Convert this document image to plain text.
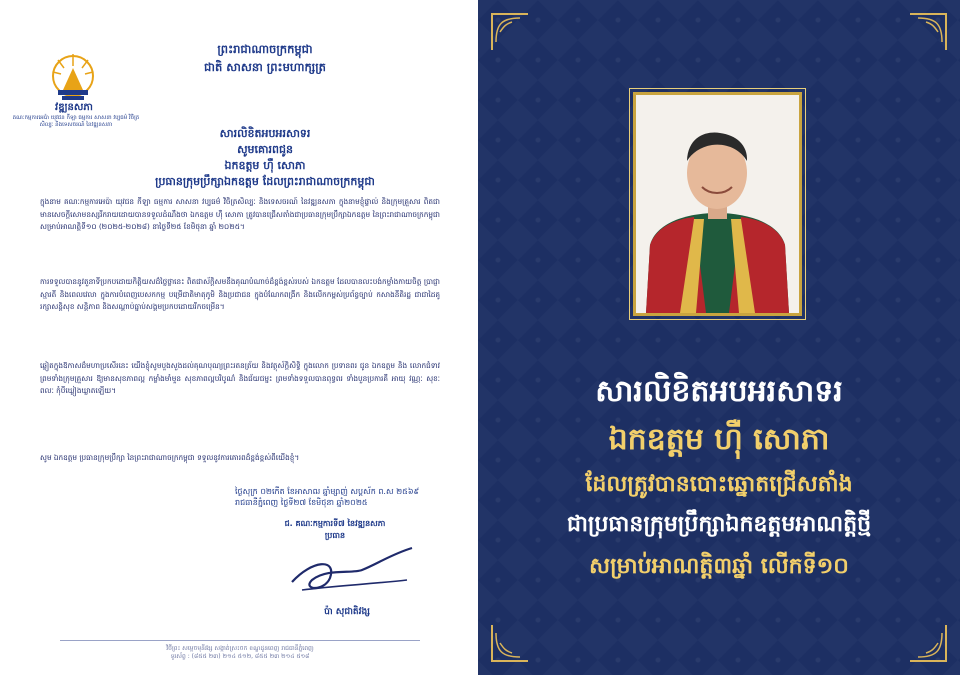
វឌ្ឍនសភា
គណៈកម្មការអេប៉ា យុវជន កីឡា ធម្មការ សាសនា វប្បធម៌ វិចិត្រសិល្បៈ និងទេសចរណ៍ នៃវឌ្ឍនសភា
ព្រះរាជាណាចក្រកម្ពុជា
ជាតិ សាសនា ព្រះមហាក្សត្រ
សារលិខិតអបអរសាទរ
សូមគោរពជូន
ឯកឧត្តម ហ៊ឺ សោភា
ប្រធានក្រុមប្រឹក្សាឯកឧត្តម ដែលព្រះរាជាណាចក្រកម្ពុជា
ក្នុងនាម គណៈកម្មការអេប៉ា យុវជន កីឡា ធម្មការ សាសនា វប្បធម៌ វិចិត្រសិល្បៈ និងទេសចរណ៍ នៃវឌ្ឍនសភា ក្នុងនាមខ្ញុំផ្ទាល់ និងក្រុមគ្រួសារ ពិតជាមានសេចក្តីសោមនស្សរីករាយដោយបានទទួលដំណឹងថា ឯកឧត្តម ហ៊ឺ សោភា ត្រូវបានជ្រើសតាំងជាប្រធានក្រុមប្រឹក្សាឯកឧត្តម នៃព្រះរាជាណាចក្រកម្ពុជា សម្រាប់អាណត្តិទី១០ (២០២៥-២០២៨) នាថ្ងៃទី២៥ ខែមិថុនា ឆ្នាំ ២០២៥។
ការទទួលបាននូវតួនាទីប្រកបដោយកិត្តិយសដ៏ថ្លៃថ្លានេះ ពិតជាស័ក្តិសមនឹងគុណបំណាច់ដ៏ខ្ពង់ខ្ពស់របស់ ឯកឧត្តម ដែលបានលះបង់កម្លាំងកាយចិត្ត ប្រាជ្ញាស្មារតី និងពេលវេលា ក្នុងការបំពេញបេសកកម្ម បម្រើជាតិមាតុភូមិ និងប្រជាជន ក្នុងបំណែកពង្រីក និងលើកកម្ពស់ប្រព័ន្ធច្បាប់ កសាងនីតិរដ្ឋ ជាជាដៃគូរក្សាសន្តិសុខ សន្តិភាព និងសណ្តាប់ធ្នាប់សង្គមប្រកបដោយរីកចម្រើន។
ឆ្លៀតក្នុងឱកាសដ៏មហាប្រសើរនេះ យើងខ្ញុំសូមបួងសួងដល់គុណបុណ្យព្រះរតនត្រ័យ និងវត្ថុស័ក្តិសិទ្ធិ ក្នុងលោក ប្រទានពរ ជូន ឯកឧត្តម និង លោកជំទាវ ព្រមទាំងក្រុមគ្រួសារ ឱ្យមានសុខភាពល្អ កម្លាំងមាំមួន សុខភាពល្អបរិបូណ៌ និងជ័យជម្នះ ព្រមទាំងទទួលបានពុទ្ធពរ ទាំងបួនប្រការគឺ អាយុ វណ្ណៈ សុខៈ ពលៈ កុំបីឃ្លៀងឃ្លាតឡើយ។
សូម ឯកឧត្តម ប្រធានក្រុមប្រឹក្សា នៃព្រះរាជាណាចក្រកម្ពុជា ទទួលនូវការគោរពដ៏ខ្ពង់ខ្ពស់ពីយើងខ្ញុំ។
ថ្ងៃសុក្រ ០២កើត ខែអាសាឍ ឆ្នាំម្សាញ់ សប្តស័ក ព.ស ២៥៦៩
រាជធានីភ្នំពេញ ថ្ងៃទី២៧ ខែមិថុនា ឆ្នាំ២០២៥
ជ. គណៈកម្មការទី៧ នៃវឌ្ឍនសភា
ប្រធាន
ប៉ា សុជាតិវង្ស
វិថីព្រះ សម្តេចមុនីវង្ស សង្កាត់ស្រះចក ខណ្ឌដូនពេញ រាជធានីភ្នំពេញ
ទូរស័ព្ទ : (៨៥៥ ២៣) ២១៤ ៥១២, ៨៥៥ ២៣ ២១៤ ៥១៨
សារលិខិតអបអរសាទរ
ឯកឧត្តម ហ៊ឺ សោភា
ដែលត្រូវបានបោះឆ្នោតជ្រើសតាំង
ជាប្រធានក្រុមប្រឹក្សាឯកឧត្តមអាណត្តិថ្មី
សម្រាប់អាណត្តិ៣ឆ្នាំ លើកទី១០
